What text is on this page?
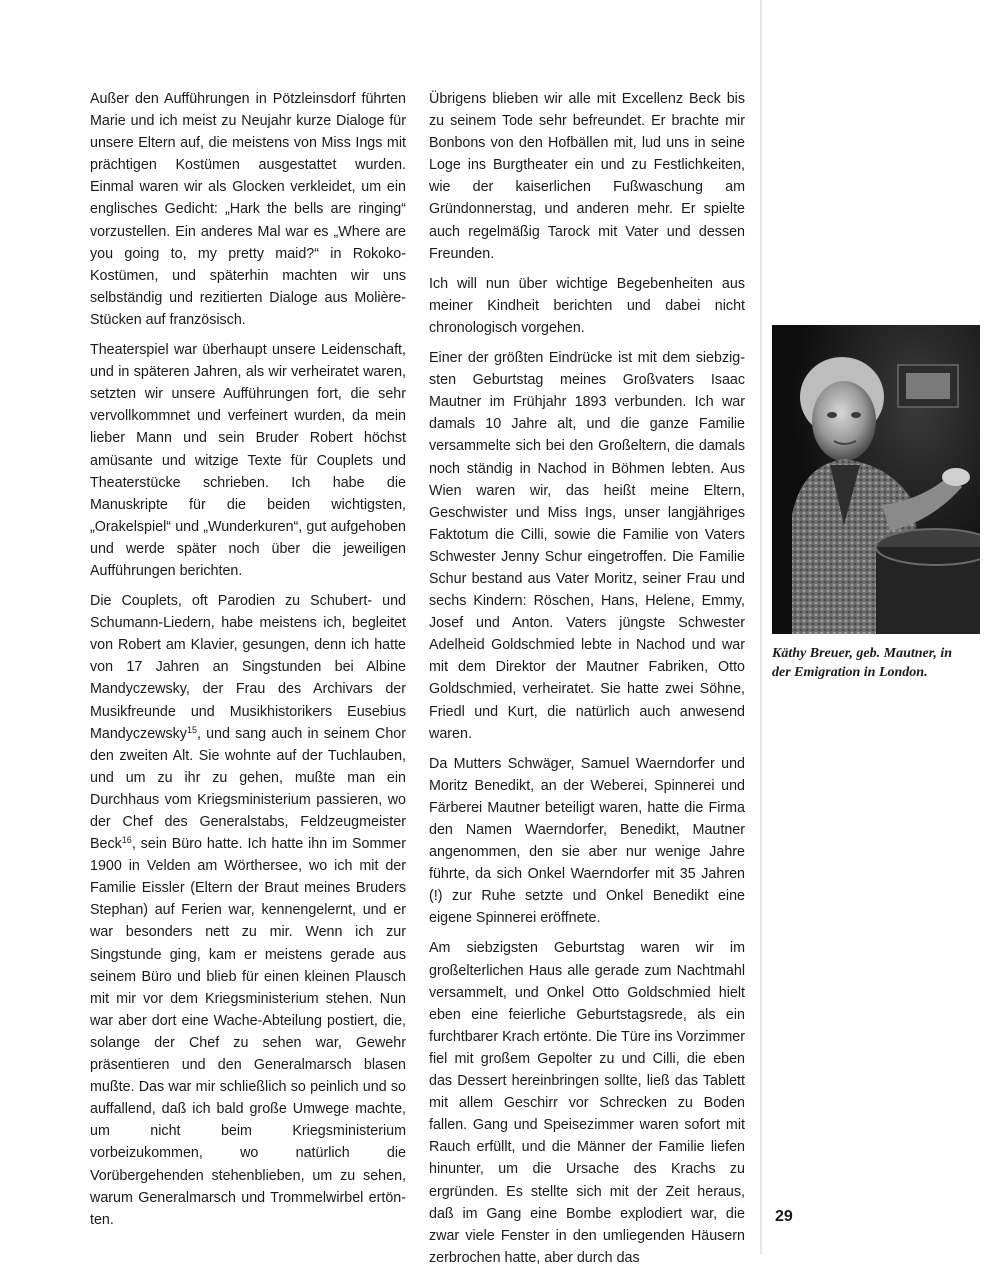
Außer den Aufführungen in Pötzleinsdorf führten Marie und ich meist zu Neujahr kurze Dialoge für unsere Eltern auf, die meistens von Miss Ings mit prächtigen Kostümen ausgestattet wurden. Einmal waren wir als Glocken verkleidet, um ein englisches Gedicht: „Hark the bells are ringing“ vorzustellen. Ein anderes Mal war es „Where are you going to, my pretty maid?“ in Rokoko-Kostümen, und späterhin machten wir uns selbständig und rezitierten Dialoge aus Molière-Stücken auf französisch.

Theaterspiel war überhaupt unsere Leidenschaft, und in späteren Jahren, als wir verheiratet waren, setzten wir unsere Aufführungen fort, die sehr vervollkommnet und verfeinert wurden, da mein lieber Mann und sein Bruder Robert höchst amüsante und witzige Texte für Couplets und Theaterstücke schrieben. Ich habe die Manuskripte für die beiden wichtigsten, „Orakelspiel“ und „Wunderkuren“, gut aufgehoben und werde später noch über die jeweiligen Aufführungen berichten.

Die Couplets, oft Parodien zu Schubert- und Schumann-Liedern, habe meistens ich, begleitet von Robert am Klavier, gesungen, denn ich hatte von 17 Jahren an Singstunden bei Albine Mandyczewsky, der Frau des Archivars der Musikfreunde und Musikhistorikers Eusebius Mandyczewsky$^{15}$, und sang auch in seinem Chor den zweiten Alt. Sie wohnte auf der Tuchlauben, und um zu ihr zu gehen, mußte man ein Durchhaus vom Kriegsministerium passieren, wo der Chef des Generalstabs, Feldzeugmeister Beck$^{16}$, sein Büro hatte. Ich hatte ihn im Sommer 1900 in Velden am Wörthersee, wo ich mit der Familie Eissler (Eltern der Braut meines Bruders Stephan) auf Ferien war, kennengelernt, und er war besonders nett zu mir. Wenn ich zur Singstunde ging, kam er meistens gerade aus seinem Büro und blieb für einen kleinen Plausch mit mir vor dem Kriegsministerium stehen. Nun war aber dort eine Wache-Abteilung postiert, die, solange der Chef zu sehen war, Gewehr präsentieren und den Generalmarsch blasen mußte. Das war mir schließlich so peinlich und so auffallend, daß ich bald große Umwege machte, um nicht beim Kriegsministerium vorbeizukommen, wo natürlich die Vorübergehenden stehenblieben, um zu sehen, warum Generalmarsch und Trommelwirbel ertönten.

Übrigens blieben wir alle mit Excellenz Beck bis zu seinem Tode sehr befreundet. Er brachte mir Bonbons von den Hofbällen mit, lud uns in seine Loge ins Burgtheater ein und zu Festlichkeiten, wie der kaiserlichen Fußwaschung am Gründonnerstag, und anderen mehr. Er spielte auch regelmäßig Tarock mit Vater und dessen Freunden.

Ich will nun über wichtige Begebenheiten aus meiner Kindheit berichten und dabei nicht chronologisch vorgehen.

Einer der größten Eindrücke ist mit dem siebzigsten Geburtstag meines Großvaters Isaac Mautner im Frühjahr 1893 verbunden. Ich war damals 10 Jahre alt, und die ganze Familie versammelte sich bei den Großeltern, die damals noch ständig in Nachod in Böhmen lebten. Aus Wien waren wir, das heißt meine Eltern, Geschwister und Miss Ings, unser langjähriges Faktotum die Cilli, sowie die Familie von Vaters Schwester Jenny Schur eingetroffen. Die Familie Schur bestand aus Vater Moritz, seiner Frau und sechs Kindern: Röschen, Hans, Helene, Emmy, Josef und Anton. Vaters jüngste Schwester Adelheid Goldschmied lebte in Nachod und war mit dem Direktor der Mautner Fabriken, Otto Goldschmied, verheiratet. Sie hatte zwei Söhne, Friedl und Kurt, die natürlich auch anwesend waren.

Da Mutters Schwäger, Samuel Waerndorfer und Moritz Benedikt, an der Weberei, Spinnerei und Färberei Mautner beteiligt waren, hatte die Firma den Namen Waerndorfer, Benedikt, Mautner angenommen, den sie aber nur wenige Jahre führte, da sich Onkel Waerndorfer mit 35 Jahren (!) zur Ruhe setzte und Onkel Benedikt eine eigene Spinnerei eröffnete.

Am siebzigsten Geburtstag waren wir im großelterlichen Haus alle gerade zum Nachtmahl versammelt, und Onkel Otto Goldschmied hielt eben eine feierliche Geburtstagsrede, als ein furchtbarer Krach ertönte. Die Türe ins Vorzimmer fiel mit großem Gepolter zu und Cilli, die eben das Dessert hereinbringen sollte, ließ das Tablett mit allem Geschirr vor Schrecken zu Boden fallen. Gang und Speisezimmer waren sofort mit Rauch erfüllt, und die Männer der Familie liefen hinunter, um die Ursache des Krachs zu ergründen. Es stellte sich mit der Zeit heraus, daß im Gang eine Bombe explodiert war, die zwar viele Fenster in den umliegenden Häusern zerbrochen hatte, aber durch das

Käthy Breuer, geb. Mautner, in der Emigration in London.
29
